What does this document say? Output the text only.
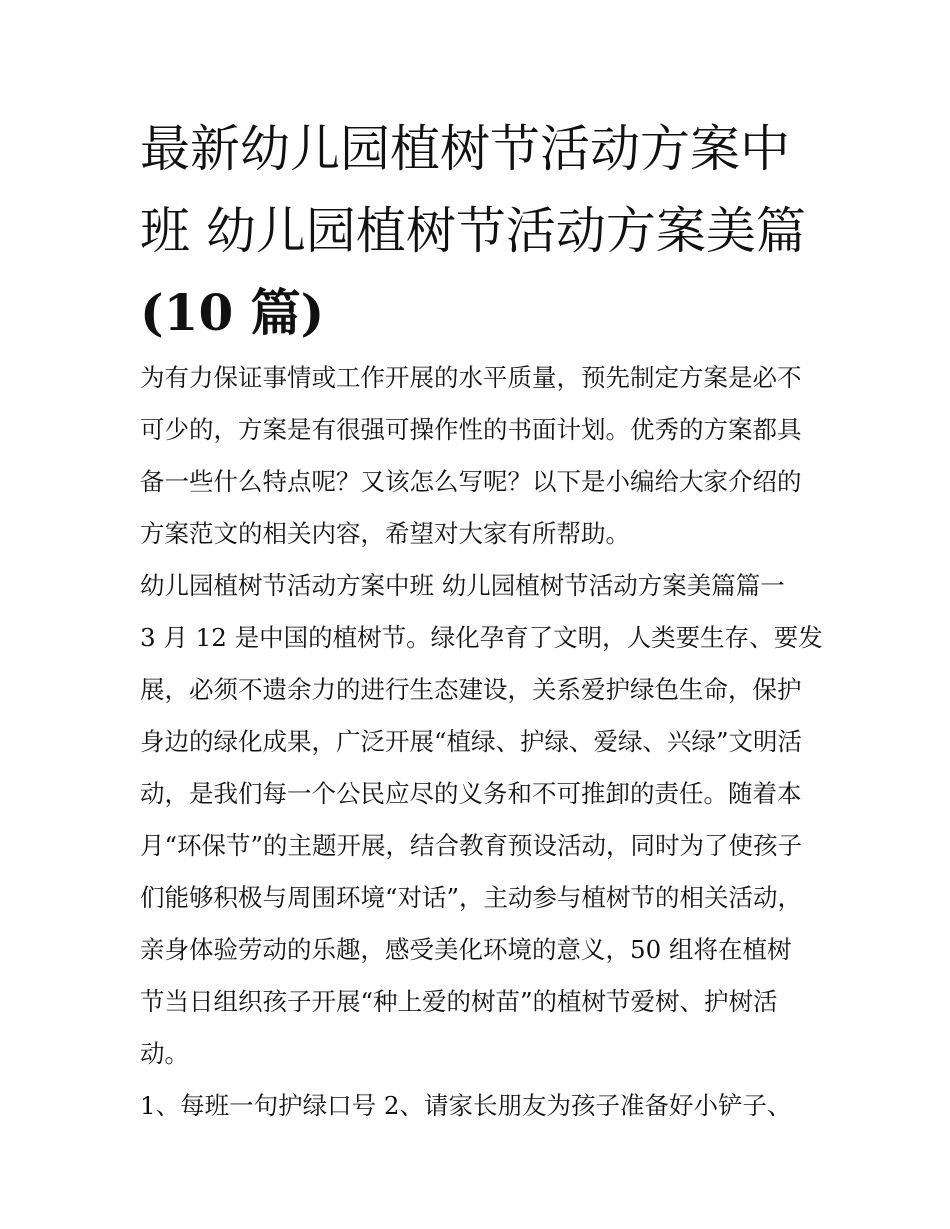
最新幼儿园植树节活动方案中
班 幼儿园植树节活动方案美篇
(10 篇)
为有力保证事情或工作开展的水平质量，预先制定方案是必不
可少的，方案是有很强可操作性的书面计划。优秀的方案都具
备一些什么特点呢？又该怎么写呢？以下是小编给大家介绍的
方案范文的相关内容，希望对大家有所帮助。
幼儿园植树节活动方案中班 幼儿园植树节活动方案美篇篇一
3 月 12 是中国的植树节。绿化孕育了文明，人类要生存、要发
展，必须不遗余力的进行生态建设，关系爱护绿色生命，保护
身边的绿化成果，广泛开展“植绿、护绿、爱绿、兴绿”文明活
动，是我们每一个公民应尽的义务和不可推卸的责任。随着本
月“环保节”的主题开展，结合教育预设活动，同时为了使孩子
们能够积极与周围环境“对话”，主动参与植树节的相关活动，
亲身体验劳动的乐趣，感受美化环境的意义，50 组将在植树
节当日组织孩子开展“种上爱的树苗”的植树节爱树、护树活
动。
1、每班一句护绿口号 2、请家长朋友为孩子准备好小铲子、
